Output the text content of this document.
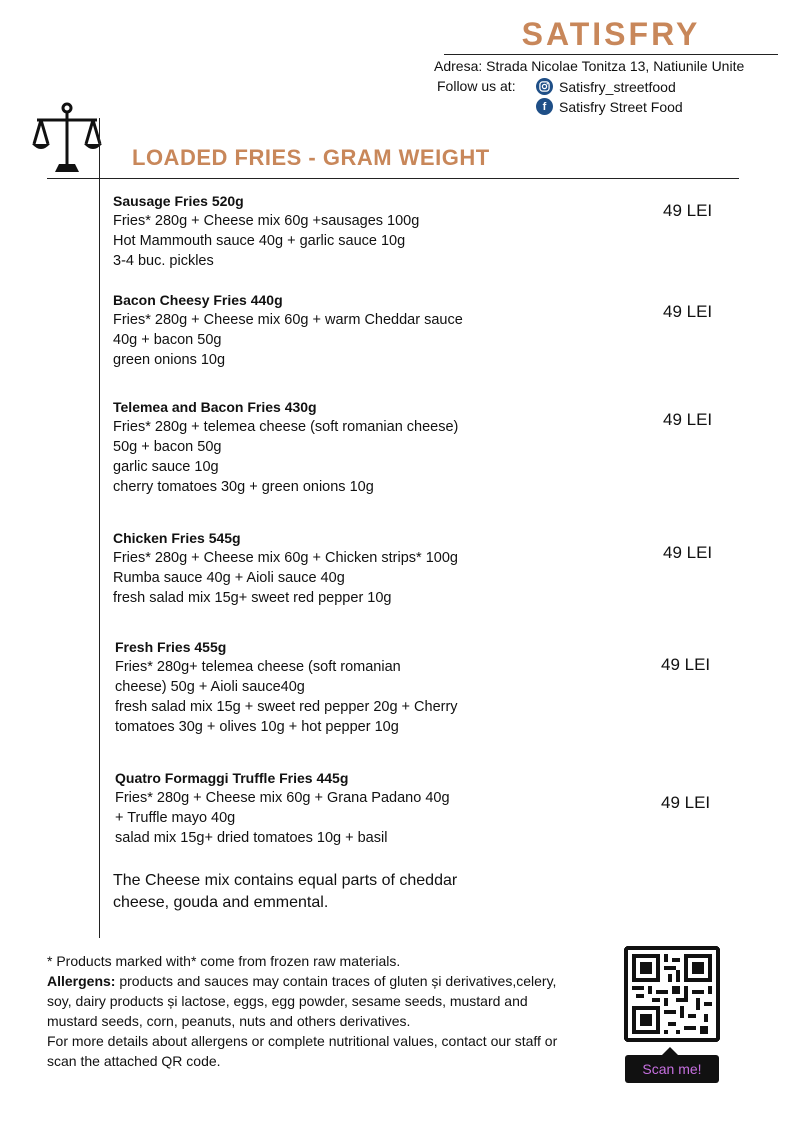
SATISFRY
Adresa: Strada Nicolae Tonitza 13, Natiunile Unite
Follow us at:	Satisfry_streetfood
f Satisfry Street Food
LOADED FRIES - GRAM WEIGHT
Sausage Fries 520g
Fries* 280g + Cheese mix 60g +sausages 100g
Hot Mammouth sauce 40g + garlic sauce 10g
3-4 buc. pickles
49 LEI
Bacon Cheesy Fries 440g
Fries* 280g + Cheese mix 60g + warm Cheddar sauce
40g + bacon 50g
green onions 10g
49 LEI
Telemea and Bacon Fries 430g
Fries* 280g + telemea cheese (soft romanian cheese)
50g + bacon 50g
garlic sauce 10g
cherry tomatoes 30g + green onions 10g
49 LEI
Chicken Fries 545g
Fries* 280g + Cheese mix 60g + Chicken strips* 100g
Rumba sauce 40g + Aioli sauce 40g
fresh salad mix 15g+ sweet red pepper 10g
49 LEI
Fresh Fries 455g
Fries* 280g+ telemea cheese (soft romanian
cheese) 50g + Aioli sauce40g
fresh salad mix 15g + sweet red pepper 20g + Cherry
tomatoes 30g + olives 10g + hot pepper 10g
49 LEI
Quatro Formaggi Truffle Fries 445g
Fries* 280g + Cheese mix 60g + Grana Padano 40g
+ Truffle mayo 40g
salad mix 15g+ dried tomatoes 10g + basil
49 LEI
The Cheese mix contains equal parts of cheddar
cheese, gouda and emmental.
* Products marked with* come from frozen raw materials.
Allergens: products and sauces may contain traces of gluten și derivatives,celery, soy, dairy products și lactose, eggs, egg powder, sesame seeds, mustard and mustard seeds, corn, peanuts, nuts and others derivatives.
For more details about allergens or complete nutritional values, contact our staff or scan the attached QR code.	Scan me!
